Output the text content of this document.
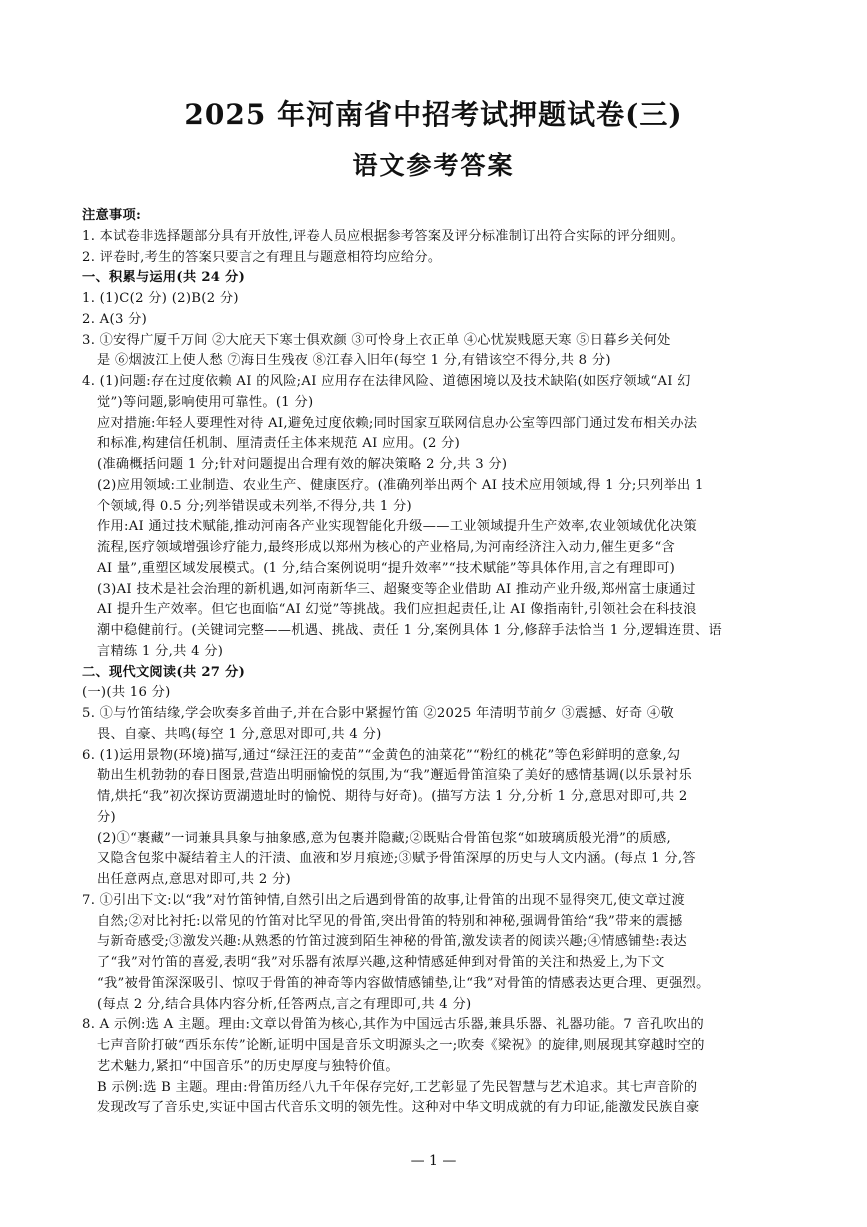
2025 年河南省中招考试押题试卷(三)
语文参考答案
注意事项:
1. 本试卷非选择题部分具有开放性,评卷人员应根据参考答案及评分标准制订出符合实际的评分细则。
2. 评卷时,考生的答案只要言之有理且与题意相符均应给分。
一、积累与运用(共 24 分)
1. (1)C(2 分) (2)B(2 分)
2. A(3 分)
3. ①安得广厦千万间 ②大庇天下寒士俱欢颜 ③可怜身上衣正单 ④心忧炭贱愿天寒 ⑤日暮乡关何处
是 ⑥烟波江上使人愁 ⑦海日生残夜 ⑧江春入旧年(每空 1 分,有错该空不得分,共 8 分)
4. (1)问题:存在过度依赖 AI 的风险;AI 应用存在法律风险、道德困境以及技术缺陷(如医疗领域“AI 幻
觉”)等问题,影响使用可靠性。(1 分)
应对措施:年轻人要理性对待 AI,避免过度依赖;同时国家互联网信息办公室等四部门通过发布相关办法
和标准,构建信任机制、厘清责任主体来规范 AI 应用。(2 分)
(准确概括问题 1 分;针对问题提出合理有效的解决策略 2 分,共 3 分)
(2)应用领域:工业制造、农业生产、健康医疗。(准确列举出两个 AI 技术应用领域,得 1 分;只列举出 1
个领域,得 0.5 分;列举错误或未列举,不得分,共 1 分)
作用:AI 通过技术赋能,推动河南各产业实现智能化升级——工业领域提升生产效率,农业领域优化决策
流程,医疗领域增强诊疗能力,最终形成以郑州为核心的产业格局,为河南经济注入动力,催生更多“含
AI 量”,重塑区域发展模式。(1 分,结合案例说明“提升效率”“技术赋能”等具体作用,言之有理即可)
(3)AI 技术是社会治理的新机遇,如河南新华三、超聚变等企业借助 AI 推动产业升级,郑州富士康通过
AI 提升生产效率。但它也面临“AI 幻觉”等挑战。我们应担起责任,让 AI 像指南针,引领社会在科技浪
潮中稳健前行。(关键词完整——机遇、挑战、责任 1 分,案例具体 1 分,修辞手法恰当 1 分,逻辑连贯、语
言精练 1 分,共 4 分)
二、现代文阅读(共 27 分)
(一)(共 16 分)
5. ①与竹笛结缘,学会吹奏多首曲子,并在合影中紧握竹笛 ②2025 年清明节前夕 ③震撼、好奇 ④敬
畏、自豪、共鸣(每空 1 分,意思对即可,共 4 分)
6. (1)运用景物(环境)描写,通过“绿汪汪的麦苗”“金黄色的油菜花”“粉红的桃花”等色彩鲜明的意象,勾
勒出生机勃勃的春日图景,营造出明丽愉悦的氛围,为“我”邂逅骨笛渲染了美好的感情基调(以乐景衬乐
情,烘托“我”初次探访贾湖遗址时的愉悦、期待与好奇)。(描写方法 1 分,分析 1 分,意思对即可,共 2
分)
(2)①“裹藏”一词兼具具象与抽象感,意为包裹并隐藏;②既贴合骨笛包浆“如玻璃质般光滑”的质感,
又隐含包浆中凝结着主人的汗渍、血液和岁月痕迹;③赋予骨笛深厚的历史与人文内涵。(每点 1 分,答
出任意两点,意思对即可,共 2 分)
7. ①引出下文:以“我”对竹笛钟情,自然引出之后遇到骨笛的故事,让骨笛的出现不显得突兀,使文章过渡
自然;②对比衬托:以常见的竹笛对比罕见的骨笛,突出骨笛的特别和神秘,强调骨笛给“我”带来的震撼
与新奇感受;③激发兴趣:从熟悉的竹笛过渡到陌生神秘的骨笛,激发读者的阅读兴趣;④情感铺垫:表达
了“我”对竹笛的喜爱,表明“我”对乐器有浓厚兴趣,这种情感延伸到对骨笛的关注和热爱上,为下文
“我”被骨笛深深吸引、惊叹于骨笛的神奇等内容做情感铺垫,让“我”对骨笛的情感表达更合理、更强烈。
(每点 2 分,结合具体内容分析,任答两点,言之有理即可,共 4 分)
8. A 示例:选 A 主题。理由:文章以骨笛为核心,其作为中国远古乐器,兼具乐器、礼器功能。7 音孔吹出的
七声音阶打破“西乐东传”论断,证明中国是音乐文明源头之一;吹奏《梁祝》的旋律,则展现其穿越时空的
艺术魅力,紧扣“中国音乐”的历史厚度与独特价值。
B 示例:选 B 主题。理由:骨笛历经八九千年保存完好,工艺彰显了先民智慧与艺术追求。其七声音阶的
发现改写了音乐史,实证中国古代音乐文明的领先性。这种对中华文明成就的有力印证,能激发民族自豪
— 1 —
